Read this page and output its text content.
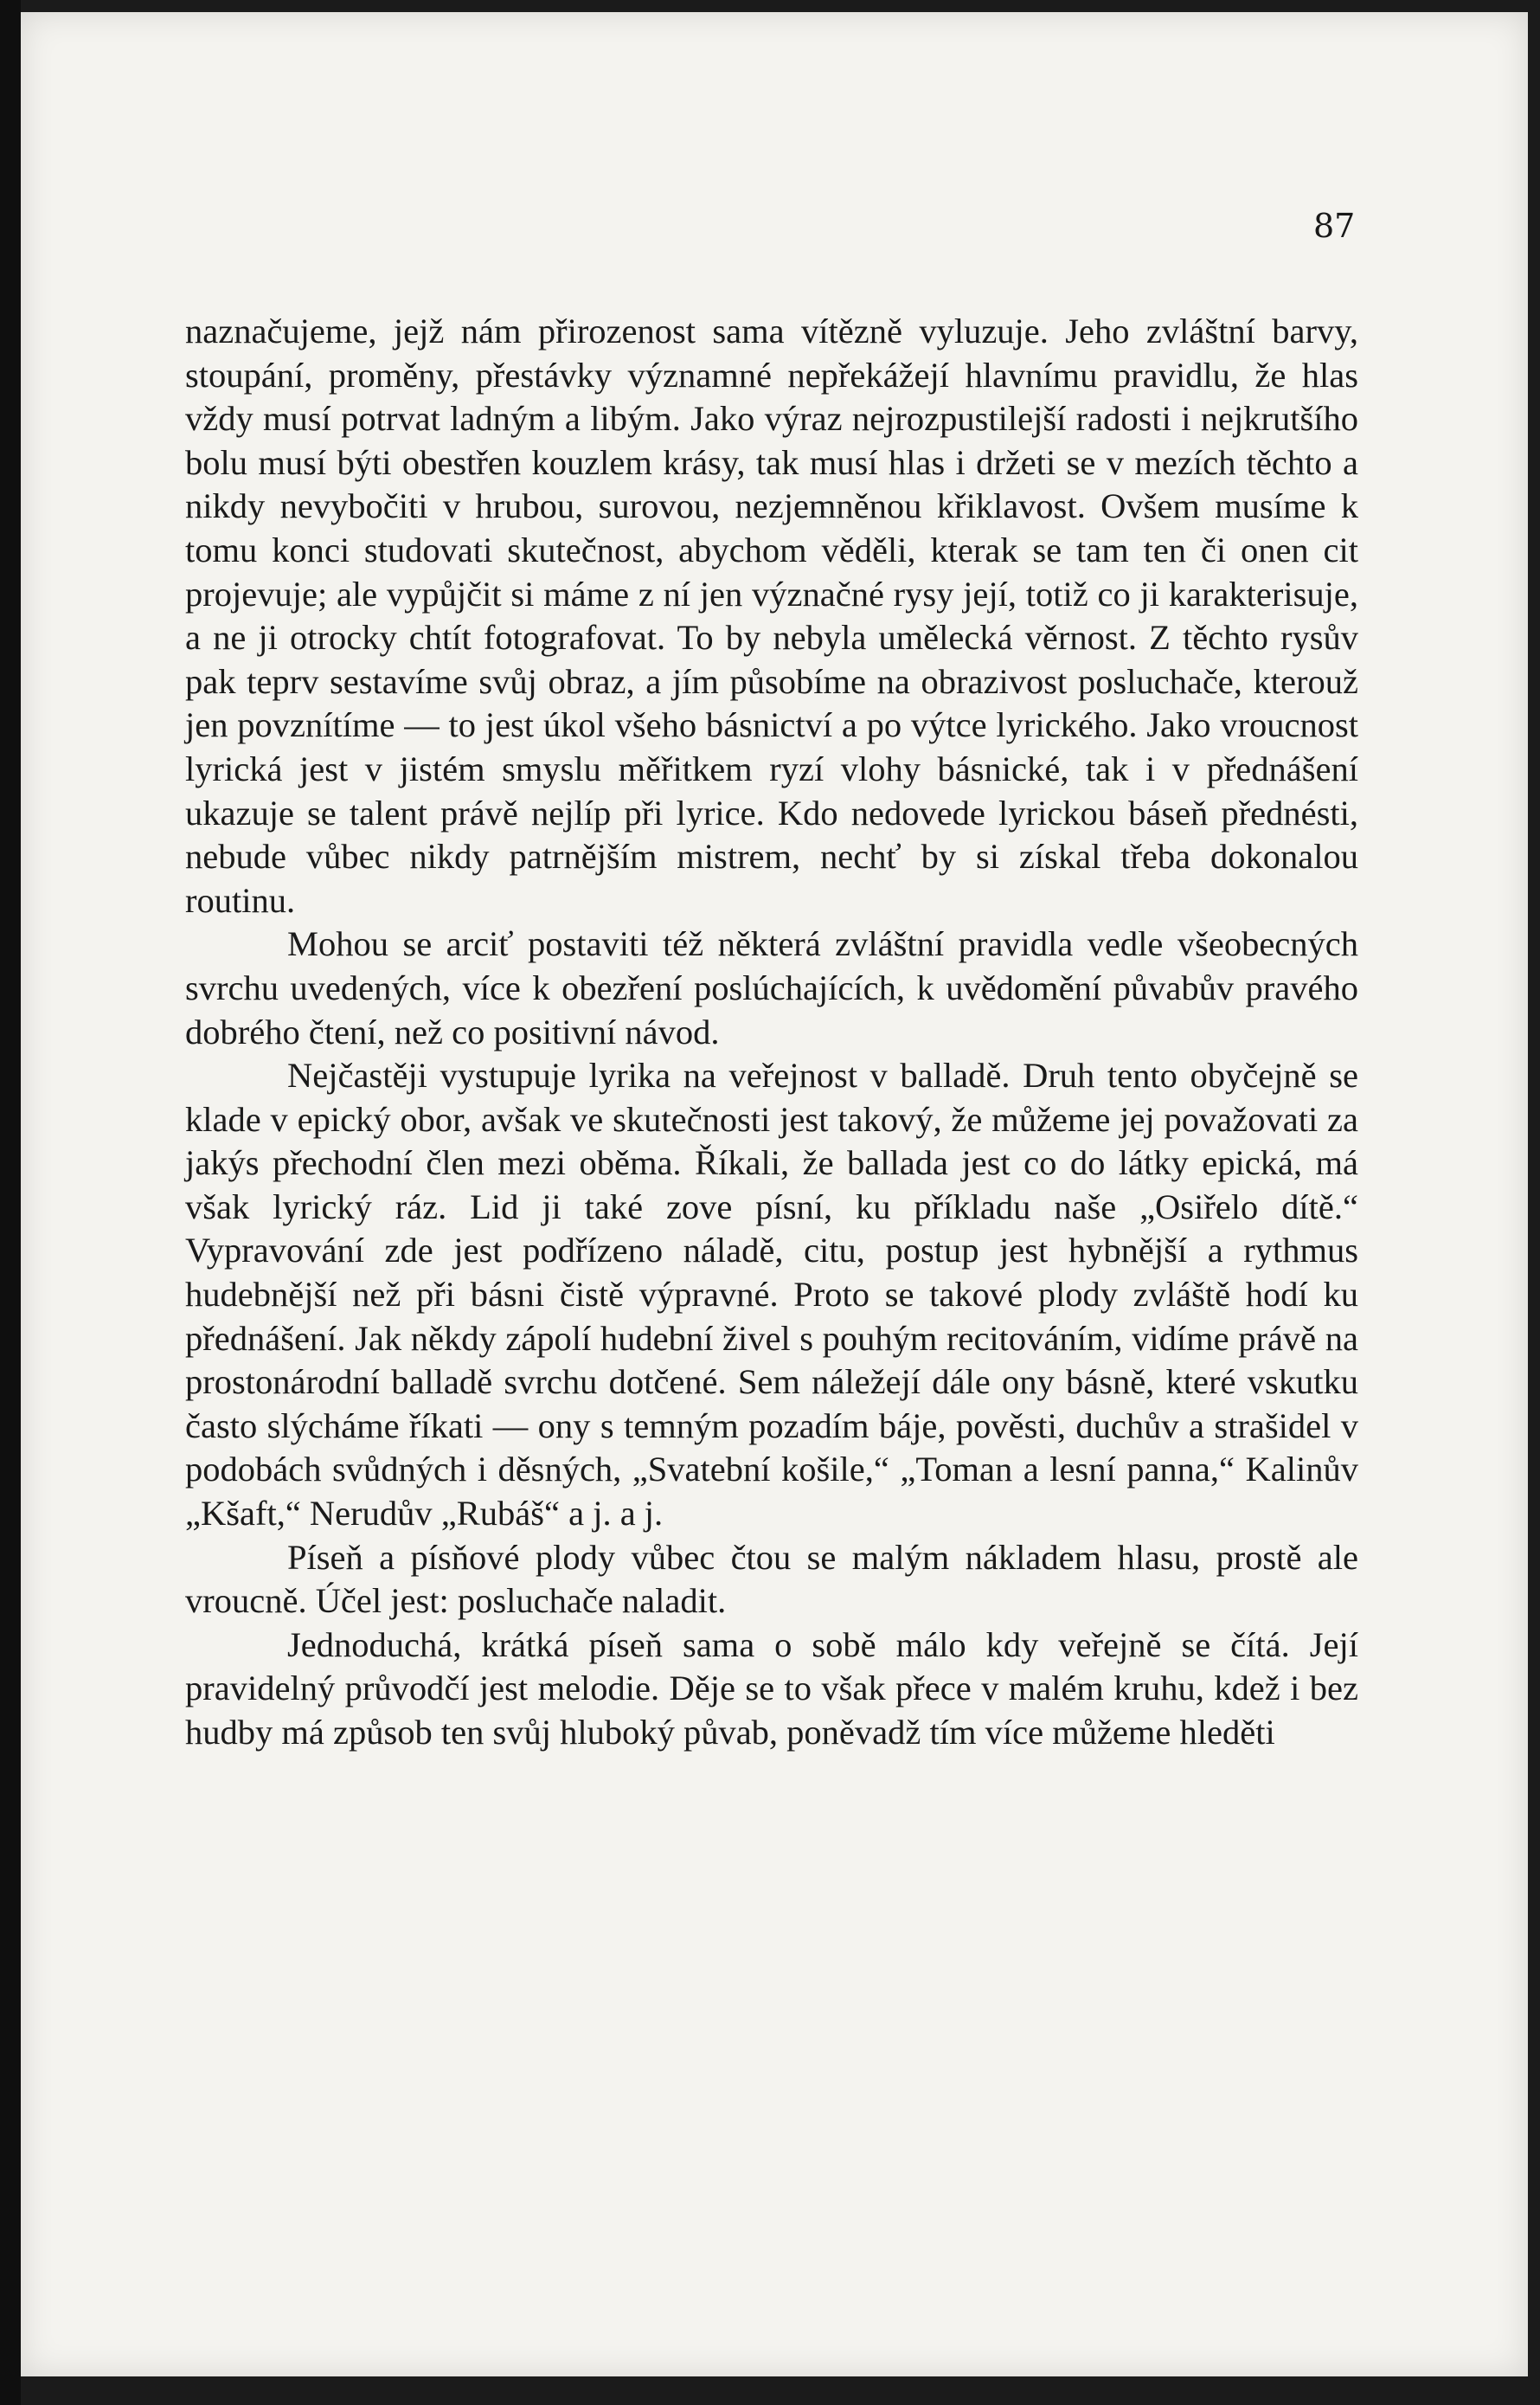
87

naznačujeme, jejž nám přirozenost sama vítězně vyluzuje. Jeho zvláštní barvy, stoupání, proměny, přestávky významné nepřekážejí hlavnímu pravidlu, že hlas vždy musí potrvat ladným a libým. Jako výraz nejrozpustilejší radosti i nejkrutšího bolu musí býti obestřen kouzlem krásy, tak musí hlas i držeti se v mezích těchto a nikdy nevybočiti v hrubou, surovou, nezjemněnou křiklavost. Ovšem musíme k tomu konci studovati skutečnost, abychom věděli, kterak se tam ten či onen cit projevuje; ale vypůjčit si máme z ní jen význačné rysy její, totiž co ji karakterisuje, a ne ji otrocky chtít fotografovat. To by nebyla umělecká věrnost. Z těchto rysův pak teprv sestavíme svůj obraz, a jím působíme na obrazivost posluchače, kterouž jen povznítíme — to jest úkol všeho básnictví a po výtce lyrického. Jako vroucnost lyrická jest v jistém smyslu měřitkem ryzí vlohy básnické, tak i v přednášení ukazuje se talent právě nejlíp při lyrice. Kdo nedovede lyrickou báseň přednésti, nebude vůbec nikdy patrnějším mistrem, nechť by si získal třeba dokonalou routinu.

Mohou se arciť postaviti též některá zvláštní pravidla vedle všeobecných svrchu uvedených, více k obezření poslúchajících, k uvědomění půvabův pravého dobrého čtení, než co positivní návod.

Nejčastěji vystupuje lyrika na veřejnost v balladě. Druh tento obyčejně se klade v epický obor, avšak ve skutečnosti jest takový, že můžeme jej považovati za jakýs přechodní člen mezi oběma. Říkali, že ballada jest co do látky epická, má však lyrický ráz. Lid ji také zove písní, ku příkladu naše „Osiřelo dítě.“ Vypravování zde jest podřízeno náladě, citu, postup jest hybnější a rythmus hudebnější než při básni čistě výpravné. Proto se takové plody zvláště hodí ku přednášení. Jak někdy zápolí hudební živel s pouhým recitováním, vidíme právě na prostonárodní balladě svrchu dotčené. Sem náležejí dále ony básně, které vskutku často slýcháme říkati — ony s temným pozadím báje, pověsti, duchův a strašidel v podobách svůdných i děsných, „Svatební košile,“ „Toman a lesní panna,“ Kalinův „Kšaft,“ Nerudův „Rubáš“ a j. a j.

Píseň a písňové plody vůbec čtou se malým nákladem hlasu, prostě ale vroucně. Účel jest: posluchače naladit.

Jednoduchá, krátká píseň sama o sobě málo kdy veřejně se čítá. Její pravidelný průvodčí jest melodie. Děje se to však přece v malém kruhu, kdež i bez hudby má způsob ten svůj hluboký půvab, poněvadž tím více můžeme hleděti
